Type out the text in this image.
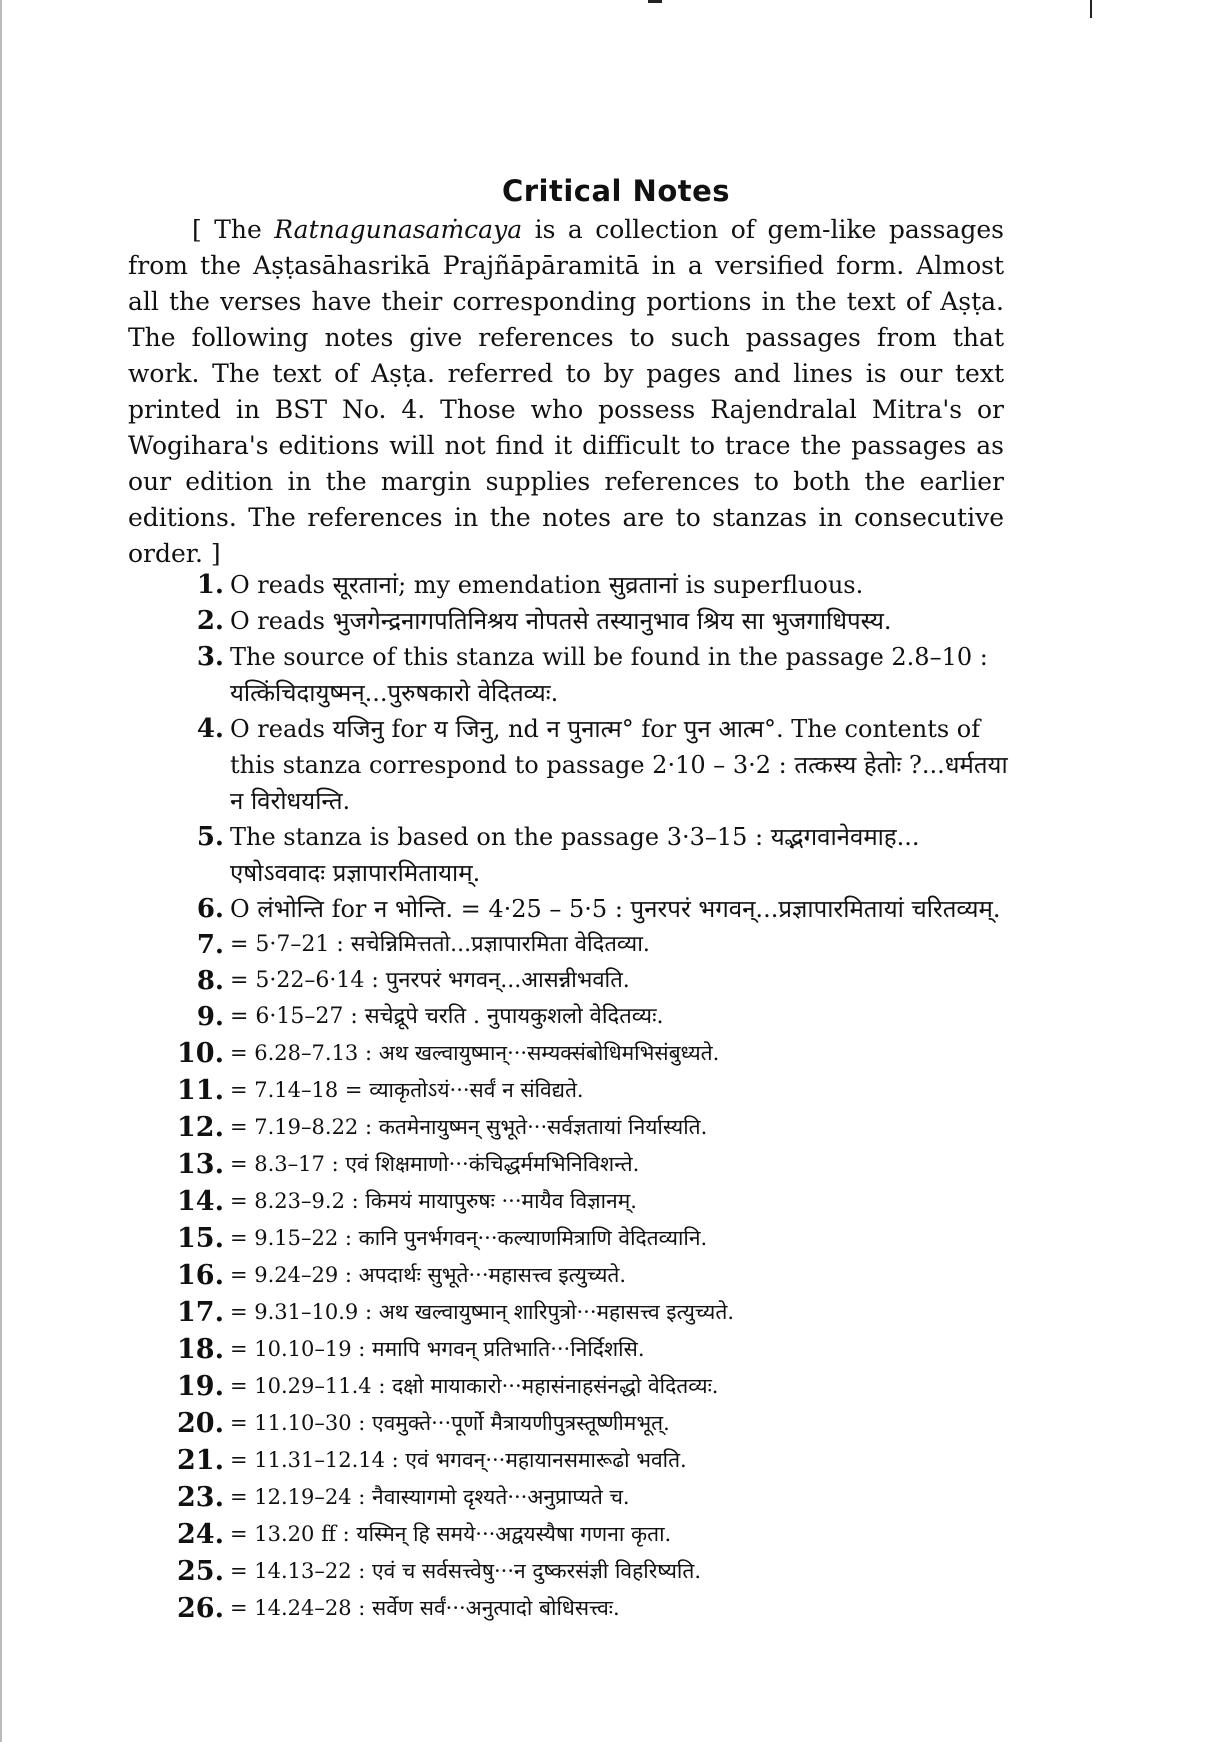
Critical Notes

[ The Ratnagunasaṁcaya is a collection of gem-like passages from the Aṣṭasāhasrikā Prajñāpāramitā in a versified form. Almost all the verses have their corresponding portions in the text of Aṣṭa. The following notes give references to such passages from that work. The text of Aṣṭa. referred to by pages and lines is our text printed in BST No. 4. Those who possess Rajendralal Mitra's or Wogihara's editions will not find it difficult to trace the passages as our edition in the margin supplies references to both the earlier editions. The references in the notes are to stanzas in consecutive order. ]

1. O reads सूरतानां; my emendation सुव्रतानां is superfluous.
2. O reads भुजगेन्द्रनागपतिनिश्रय नोपतसे तस्यानुभाव श्रिय सा भुजगाधिपस्य.
3. The source of this stanza will be found in the passage 2.8–10 : यत्किंचिदायुष्मन्...पुरुषकारो वेदितव्यः.
4. O reads यजिनु for य जिनु, nd न पुनात्म° for पुन आत्म°. The contents of this stanza correspond to passage 2·10 – 3·2 : तत्कस्य हेतोः ?...धर्मतया न विरोधयन्ति.
5. The stanza is based on the passage 3·3–15 : यद्भगवानेवमाह... एषोऽववादः प्रज्ञापारमितायाम्.
6. O लंभोन्ति for न भोन्ति. = 4·25 – 5·5 : पुनरपरं भगवन्...प्रज्ञापारमितायां चरितव्यम्.
7. = 5·7–21 : सचेन्निमित्ततो...प्रज्ञापारमिता वेदितव्या.
8. = 5·22–6·14 : पुनरपरं भगवन्...आसन्नीभवति.
9. = 6·15–27 : सचेद्रूपे चरति . नुपायकुशलो वेदितव्यः.
10. = 6.28–7.13 : अथ खल्वायुष्मान्···सम्यक्संबोधिमभिसंबुध्यते.
11. = 7.14–18 = व्याकृतोऽयं···सर्वं न संविद्यते.
12. = 7.19–8.22 : कतमेनायुष्मन् सुभूते···सर्वज्ञतायां निर्यास्यति.
13. = 8.3–17 : एवं शिक्षमाणो···कंचिद्धर्ममभिनिविशन्ते.
14. = 8.23–9.2 : किमयं मायापुरुषः ···मायैव विज्ञानम्.
15. = 9.15–22 : कानि पुनर्भगवन्···कल्याणमित्राणि वेदितव्यानि.
16. = 9.24–29 : अपदार्थः सुभूते···महासत्त्व इत्युच्यते.
17. = 9.31–10.9 : अथ खल्वायुष्मान् शारिपुत्रो···महासत्त्व इत्युच्यते.
18. = 10.10–19 : ममापि भगवन् प्रतिभाति···निर्दिशसि.
19. = 10.29–11.4 : दक्षो मायाकारो···महासंनाहसंनद्धो वेदितव्यः.
20. = 11.10–30 : एवमुक्ते···पूर्णो मैत्रायणीपुत्रस्तूष्णीमभूत्.
21. = 11.31–12.14 : एवं भगवन्···महायानसमारूढो भवति.
23. = 12.19–24 : नैवास्यागमो दृश्यते···अनुप्राप्यते च.
24. = 13.20 ff : यस्मिन् हि समये···अद्वयस्यैषा गणना कृता.
25. = 14.13–22 : एवं च सर्वसत्त्वेषु···न दुष्करसंज्ञी विहरिष्यति.
26. = 14.24–28 : सर्वेण सर्वं···अनुत्पादो बोधिसत्त्वः.
